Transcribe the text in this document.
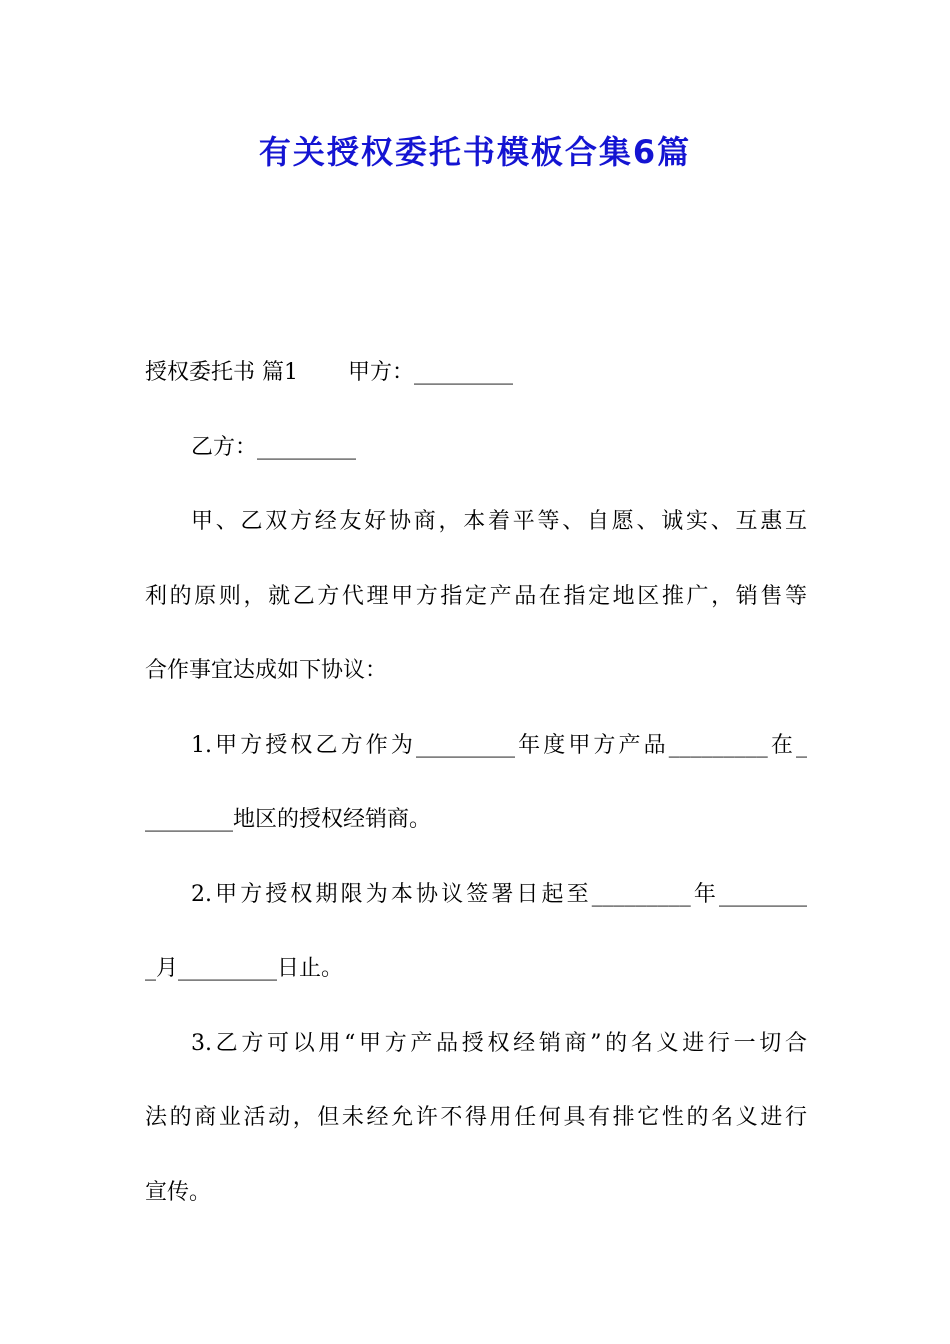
有关授权委托书模板合集6篇
授权委托书 篇1 甲方：_________
乙方：_________
甲、乙双方经友好协商，本着平等、自愿、诚实、互惠互
利的原则，就乙方代理甲方指定产品在指定地区推广，销售等
合作事宜达成如下协议：
1.甲方授权乙方作为_________年度甲方产品_________在_
________地区的授权经销商。
2.甲方授权期限为本协议签署日起至_________年________
_月_________日止。
3.乙方可以用“甲方产品授权经销商”的名义进行一切合
法的商业活动，但未经允许不得用任何具有排它性的名义进行
宣传。
